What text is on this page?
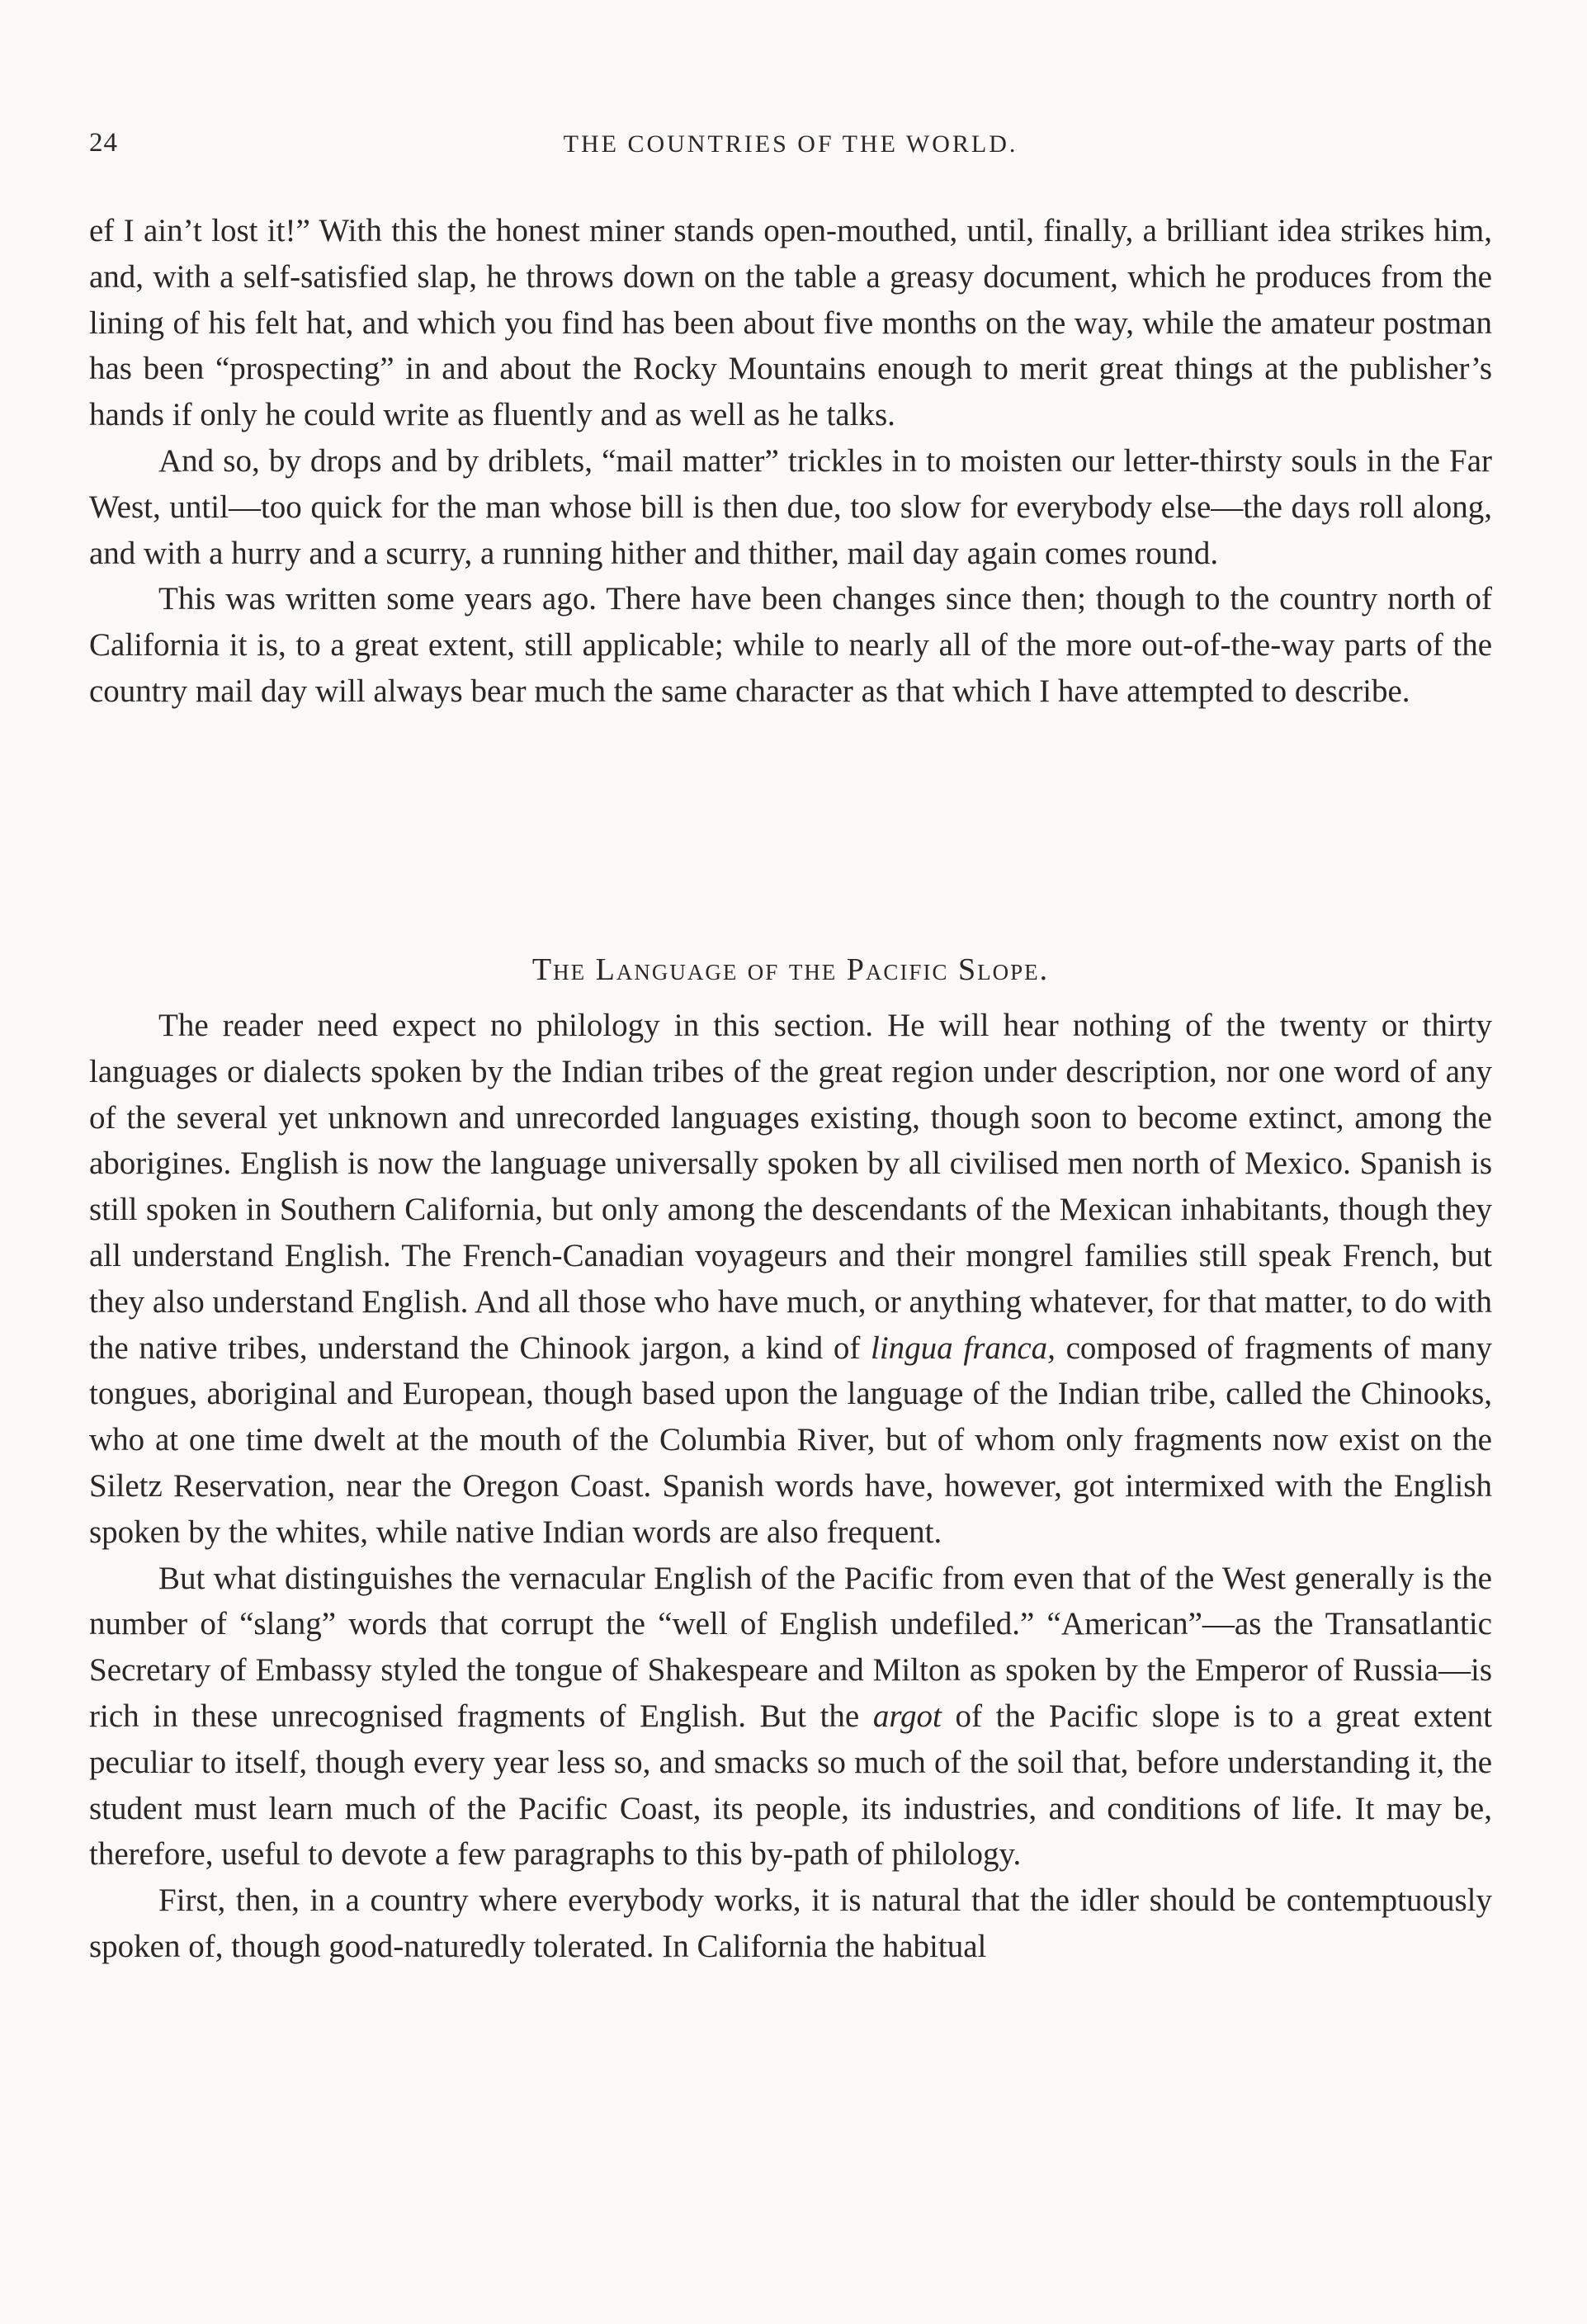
24	THE COUNTRIES OF THE WORLD.

ef I ain’t lost it!” With this the honest miner stands open-mouthed, until, finally, a brilliant idea strikes him, and, with a self-satisfied slap, he throws down on the table a greasy document, which he produces from the lining of his felt hat, and which you find has been about five months on the way, while the amateur postman has been “prospecting” in and about the Rocky Mountains enough to merit great things at the publisher’s hands if only he could write as fluently and as well as he talks.

And so, by drops and by driblets, “mail matter” trickles in to moisten our letter-thirsty souls in the Far West, until—too quick for the man whose bill is then due, too slow for everybody else—the days roll along, and with a hurry and a scurry, a running hither and thither, mail day again comes round.

This was written some years ago. There have been changes since then; though to the country north of California it is, to a great extent, still applicable; while to nearly all of the more out-of-the-way parts of the country mail day will always bear much the same character as that which I have attempted to describe.

The Language of the Pacific Slope.

The reader need expect no philology in this section. He will hear nothing of the twenty or thirty languages or dialects spoken by the Indian tribes of the great region under description, nor one word of any of the several yet unknown and unrecorded languages existing, though soon to become extinct, among the aborigines. English is now the language universally spoken by all civilised men north of Mexico. Spanish is still spoken in Southern California, but only among the descendants of the Mexican inhabitants, though they all understand English. The French-Canadian voyageurs and their mongrel families still speak French, but they also understand English. And all those who have much, or anything whatever, for that matter, to do with the native tribes, understand the Chinook jargon, a kind of lingua franca, composed of fragments of many tongues, aboriginal and European, though based upon the language of the Indian tribe, called the Chinooks, who at one time dwelt at the mouth of the Columbia River, but of whom only fragments now exist on the Siletz Reservation, near the Oregon Coast. Spanish words have, however, got intermixed with the English spoken by the whites, while native Indian words are also frequent.

But what distinguishes the vernacular English of the Pacific from even that of the West generally is the number of “slang” words that corrupt the “well of English undefiled.” “American”—as the Transatlantic Secretary of Embassy styled the tongue of Shakespeare and Milton as spoken by the Emperor of Russia—is rich in these unrecognised fragments of English. But the argot of the Pacific slope is to a great extent peculiar to itself, though every year less so, and smacks so much of the soil that, before understanding it, the student must learn much of the Pacific Coast, its people, its industries, and conditions of life. It may be, therefore, useful to devote a few paragraphs to this by-path of philology.

First, then, in a country where everybody works, it is natural that the idler should be contemptuously spoken of, though good-naturedly tolerated. In California the habitual
